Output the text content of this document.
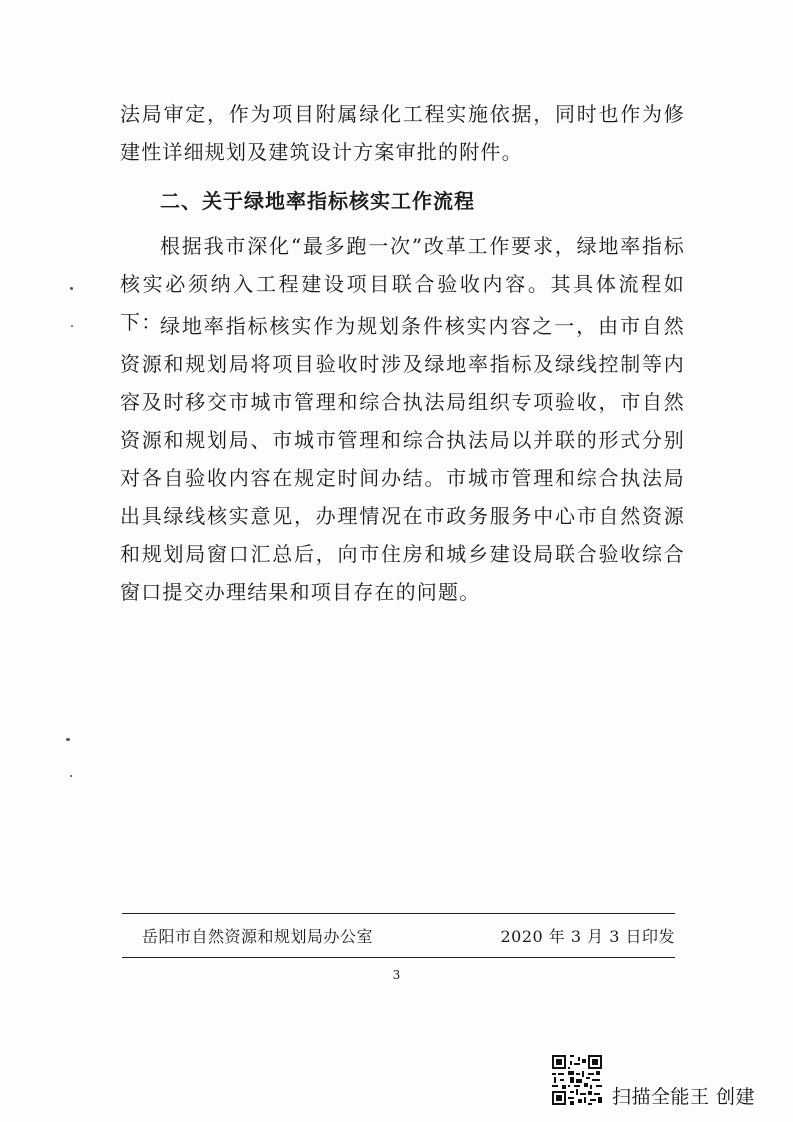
法局审定，作为项目附属绿化工程实施依据，同时也作为修建性详细规划及建筑设计方案审批的附件。

二、关于绿地率指标核实工作流程

根据我市深化“最多跑一次”改革工作要求，绿地率指标核实必须纳入工程建设项目联合验收内容。其具体流程如下：

绿地率指标核实作为规划条件核实内容之一，由市自然资源和规划局将项目验收时涉及绿地率指标及绿线控制等内容及时移交市城市管理和综合执法局组织专项验收，市自然资源和规划局、市城市管理和综合执法局以并联的形式分别对各自验收内容在规定时间办结。市城市管理和综合执法局出具绿线核实意见，办理情况在市政务服务中心市自然资源和规划局窗口汇总后，向市住房和城乡建设局联合验收综合窗口提交办理结果和项目存在的问题。

岳阳市自然资源和规划局办公室	2020 年 3 月 3 日印发
3
扫描全能王 创建
